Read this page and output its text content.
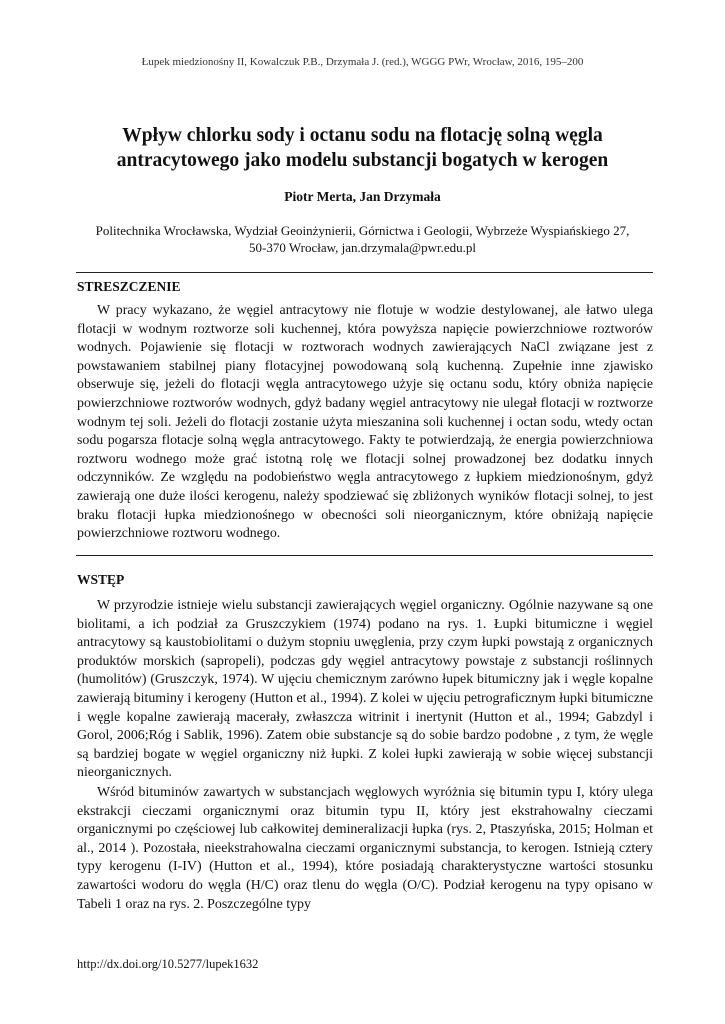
Łupek miedzionośny II, Kowalczuk P.B., Drzymała J. (red.), WGGG PWr, Wrocław, 2016, 195–200
Wpływ chlorku sody i octanu sodu na flotację solną węgla
antracytowego jako modelu substancji bogatych w kerogen
Piotr Merta, Jan Drzymała
Politechnika Wrocławska, Wydział Geoinżynierii, Górnictwa i Geologii, Wybrzeże Wyspiańskiego 27,
50-370 Wrocław, jan.drzymala@pwr.edu.pl
STRESZCZENIE

W pracy wykazano, że węgiel antracytowy nie flotuje w wodzie destylowanej, ale łatwo ulega flotacji w wodnym roztworze soli kuchennej, która powyższa napięcie powierzchniowe roztworów wodnych. Pojawienie się flotacji w roztworach wodnych zawierających NaCl związane jest z powstawaniem stabilnej piany flotacyjnej powodowaną solą kuchenną. Zupełnie inne zjawisko obserwuje się, jeżeli do flotacji węgla antracytowego użyje się octanu sodu, który obniża napięcie powierzchniowe roztworów wodnych, gdyż badany węgiel antracytowy nie ulegał flotacji w roztworze wodnym tej soli. Jeżeli do flotacji zostanie użyta mieszanina soli kuchennej i octan sodu, wtedy octan sodu pogarsza flotacje solną węgla antracytowego. Fakty te potwierdzają, że energia powierzchniowa roztworu wodnego może grać istotną rolę we flotacji solnej prowadzonej bez dodatku innych odczynników. Ze względu na podobieństwo węgla antracytowego z łupkiem miedzionośnym, gdyż zawierają one duże ilości kerogenu, należy spodziewać się zbliżonych wyników flotacji solnej, to jest braku flotacji łupka miedzionośnego w obecności soli nieorganicznym, które obniżają napięcie powierzchniowe roztworu wodnego.

WSTĘP

W przyrodzie istnieje wielu substancji zawierających węgiel organiczny. Ogólnie nazywane są one biolitami, a ich podział za Gruszczykiem (1974) podano na rys. 1. Łupki bitumiczne i węgiel antracytowy są kaustobiolitami o dużym stopniu uwęglenia, przy czym łupki powstają z organicznych produktów morskich (sapropeli), podczas gdy węgiel antracytowy powstaje z substancji roślinnych (humolitów) (Gruszczyk, 1974). W ujęciu chemicznym zarówno łupek bitumiczny jak i węgle kopalne zawierają bituminy i kerogeny (Hutton et al., 1994). Z kolei w ujęciu petrograficznym łupki bitumiczne i węgle kopalne zawierają macerały, zwłaszcza witrinit i inertynit (Hutton et al., 1994; Gabzdyl i Gorol, 2006;Róg i Sablik, 1996). Zatem obie substancje są do sobie bardzo podobne , z tym, że węgle są bardziej bogate w węgiel organiczny niż łupki. Z kolei łupki zawierają w sobie więcej substancji nieorganicznych.

Wśród bituminów zawartych w substancjach węglowych wyróżnia się bitumin typu I, który ulega ekstrakcji cieczami organicznymi oraz bitumin typu II, który jest ekstrahowalny cieczami organicznymi po częściowej lub całkowitej demineralizacji łupka (rys. 2, Ptaszyńska, 2015; Holman et al., 2014 ). Pozostała, nieekstrahowalna cieczami organicznymi substancja, to kerogen. Istnieją cztery typy kerogenu (I-IV) (Hutton et al., 1994), które posiadają charakterystyczne wartości stosunku zawartości wodoru do węgla (H/C) oraz tlenu do węgla (O/C). Podział kerogenu na typy opisano w Tabeli 1 oraz na rys. 2. Poszczególne typy

http://dx.doi.org/10.5277/lupek1632
